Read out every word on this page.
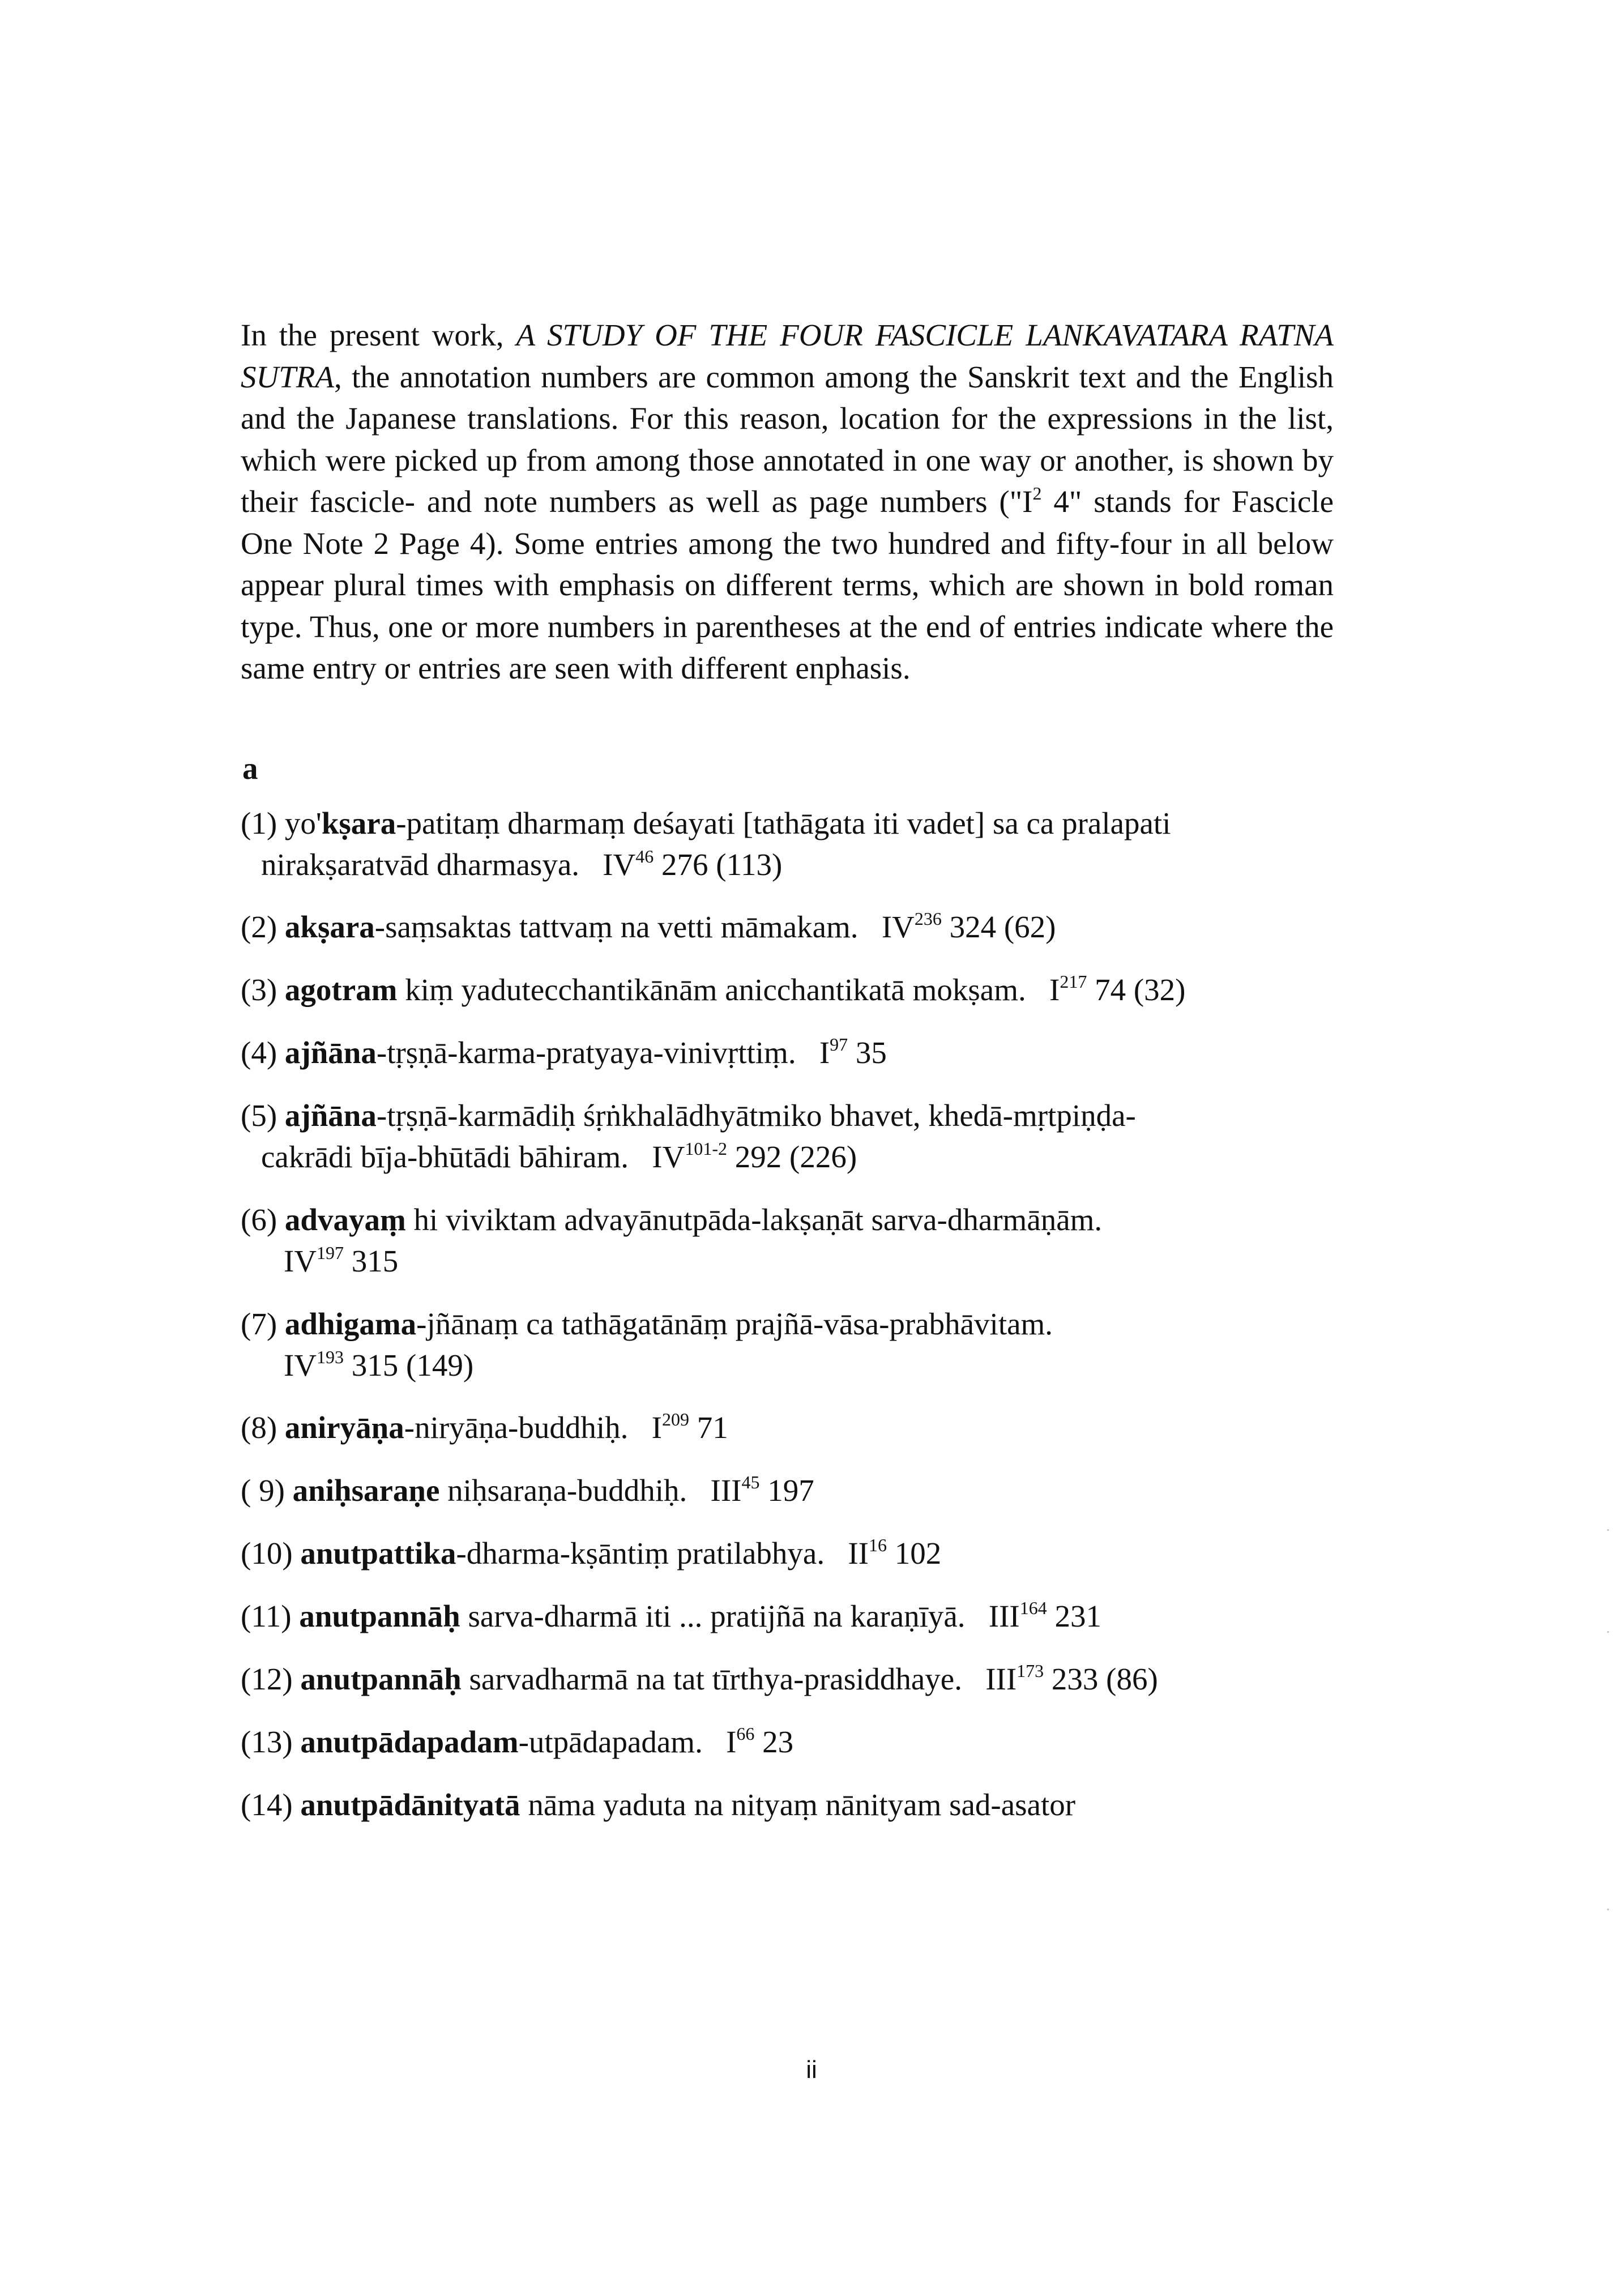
In the present work, A STUDY OF THE FOUR FASCICLE LANKAVATARA RATNA SUTRA, the annotation numbers are common among the Sanskrit text and the English and the Japanese translations. For this reason, location for the expressions in the list, which were picked up from among those annotated in one way or another, is shown by their fascicle- and note numbers as well as page numbers ("$I^2$ 4" stands for Fascicle One Note 2 Page 4). Some entries among the two hundred and fifty-four in all below appear plural times with emphasis on different terms, which are shown in bold roman type. Thus, one or more numbers in parentheses at the end of entries indicate where the same entry or entries are seen with different enphasis.

a

(1) yo'kṣara-patitaṃ dharmaṃ deśayati [tathāgata iti vadet] sa ca pralapati
nirakṣaratvād dharmasya. IV$^{46}$ 276 (113)

(2) akṣara-saṃsaktas tattvaṃ na vetti māmakam. IV$^{236}$ 324 (62)

(3) agotram kiṃ yadutecchantikānām anicchantikatā mokṣam. $I^{217}$ 74 (32)

(4) ajñāna-tṛṣṇā-karma-pratyaya-vinivṛttiṃ. $I^{97}$ 35

(5) ajñāna-tṛṣṇā-karmādiḥ śṛṅkhalādhyātmiko bhavet, khedā-mṛtpiṇḍa-
cakrādi bīja-bhūtādi bāhiram. IV$^{101-2}$ 292 (226)

(6) advayaṃ hi viviktam advayānutpāda-lakṣaṇāt sarva-dharmāṇām.
IV$^{197}$ 315

(7) adhigama-jñānaṃ ca tathāgatānāṃ prajñā-vāsa-prabhāvitam.
IV$^{193}$ 315 (149)

(8) aniryāṇa-niryāṇa-buddhiḥ. $I^{209}$ 71

( 9) aniḥsaraṇe niḥsaraṇa-buddhiḥ. III$^{45}$ 197

(10) anutpattika-dharma-kṣāntiṃ pratilabhya. II$^{16}$ 102

(11) anutpannāḥ sarva-dharmā iti ... pratijñā na karaṇīyā. III$^{164}$ 231

(12) anutpannāḥ sarvadharmā na tat tīrthya-prasiddhaye. III$^{173}$ 233 (86)

(13) anutpādapadam-utpādapadam. $I^{66}$ 23

(14) anutpādānityatā nāma yaduta na nityaṃ nānityam sad-asator

ii
